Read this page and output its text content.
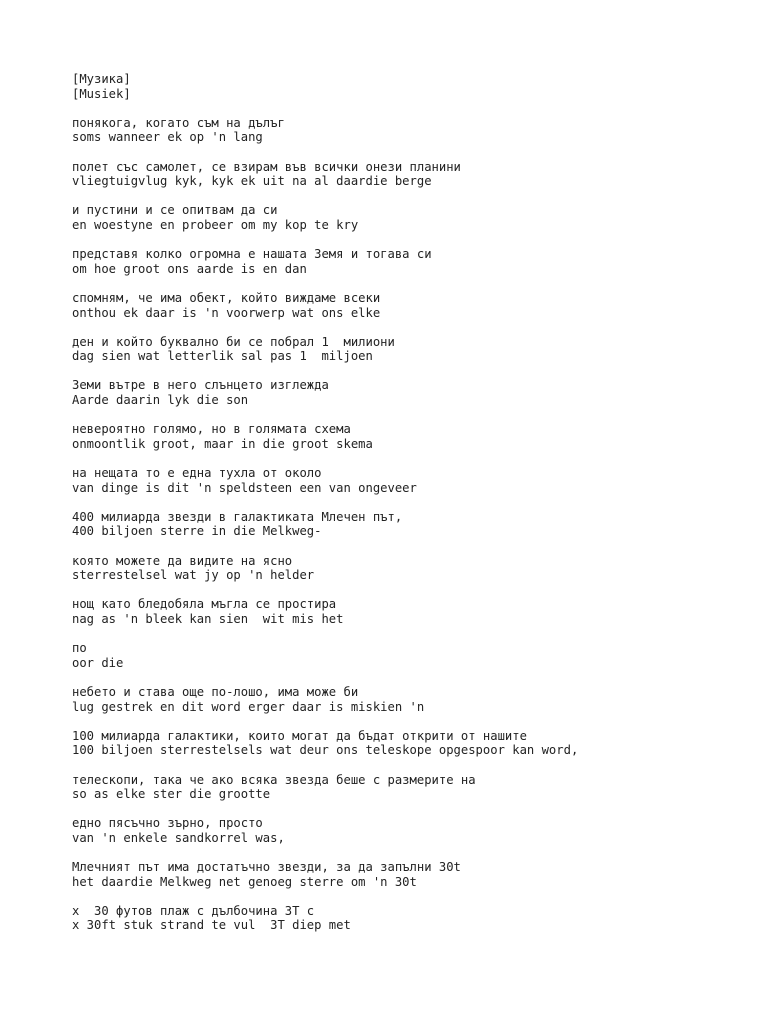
[Музика]
[Musiek]
понякога, когато съм на дълъг
soms wanneer ek op 'n lang
полет със самолет, се взирам във всички онези планини
vliegtuigvlug kyk, kyk ek uit na al daardie berge
и пустини и се опитвам да си
en woestyne en probeer om my kop te kry
представя колко огромна е нашата Земя и тогава си
om hoe groot ons aarde is en dan
спомням, че има обект, който виждаме всеки
onthou ek daar is 'n voorwerp wat ons elke
ден и който буквално би се побрал 1  милиони
dag sien wat letterlik sal pas 1  miljoen
Земи вътре в него слънцето изглежда
Aarde daarin lyk die son
невероятно голямо, но в голямата схема
onmoontlik groot, maar in die groot skema
на нещата то е една тухла от около
van dinge is dit 'n speldsteen een van ongeveer
400 милиарда звезди в галактиката Млечен път,
400 biljoen sterre in die Melkweg-
която можете да видите на ясно
sterrestelsel wat jy op 'n helder
нощ като бледобяла мъгла се простира
nag as 'n bleek kan sien  wit mis het
по
oor die
небето и става още по-лошо, има може би
lug gestrek en dit word erger daar is miskien 'n
100 милиарда галактики, които могат да бъдат открити от нашите
100 biljoen sterrestelsels wat deur ons teleskope opgespoor kan word,
телескопи, така че ако всяка звезда беше с размерите на
so as elke ster die grootte
едно пясъчно зърно, просто
van 'n enkele sandkorrel was,
Млечният път има достатъчно звезди, за да запълни 30t
het daardie Melkweg net genoeg sterre om 'n 30t
x  30 футов плаж с дълбочина 3Т с
x 30ft stuk strand te vul  3T diep met
